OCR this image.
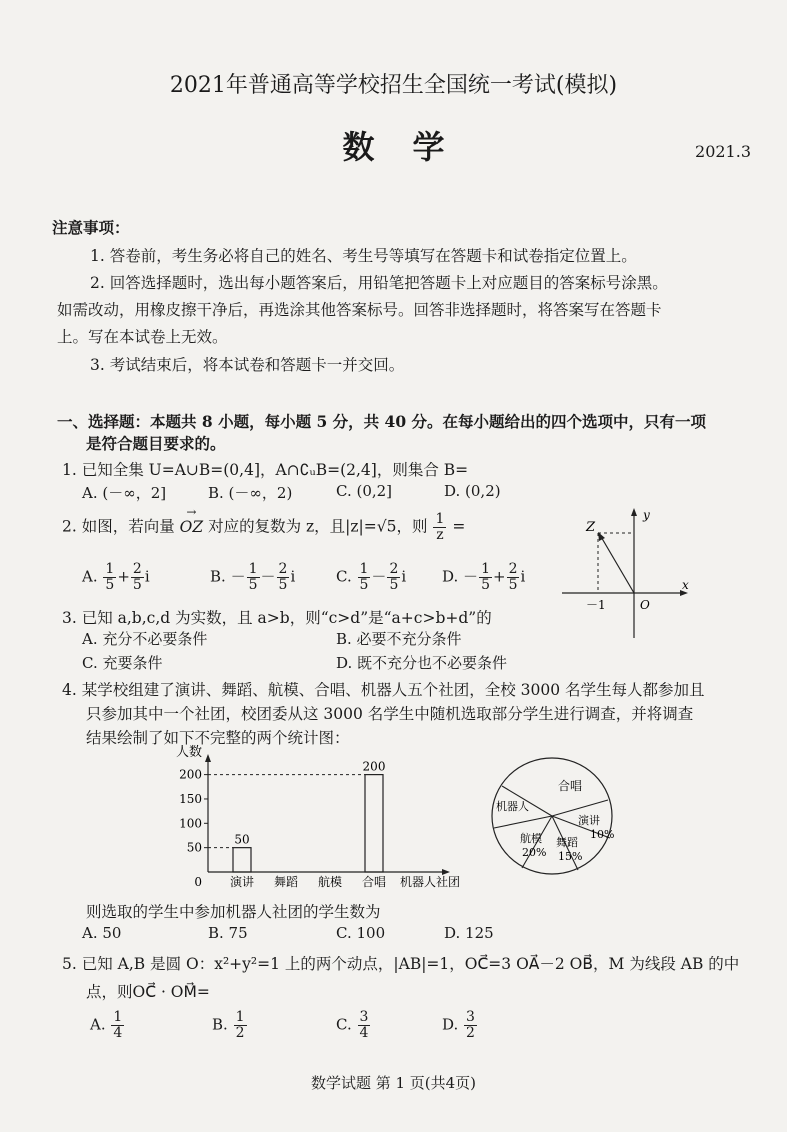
2021年普通高等学校招生全国统一考试(模拟)
数学	2021.3
注意事项：
1. 答卷前，考生务必将自己的姓名、考生号等填写在答题卡和试卷指定位置上。
2. 回答选择题时，选出每小题答案后，用铅笔把答题卡上对应题目的答案标号涂黑。
如需改动，用橡皮擦干净后，再选涂其他答案标号。回答非选择题时，将答案写在答题卡
上。写在本试卷上无效。
3. 考试结束后，将本试卷和答题卡一并交回。
一、选择题：本题共 8 小题，每小题 5 分，共 40 分。在每小题给出的四个选项中，只有一项
是符合题目要求的。
1. 已知全集 U=A∪B=(0,4]，A∩∁ᵤB=(2,4]，则集合 B=
A. (－∞，2]	B. (－∞，2)	C. (0,2]	D. (0,2)
2. 如图，若向量 → OZ 对应的复数为 z，且|z|=√5，则 $\frac{1}{z}$ =
A. $\frac{1}{5} + \frac{2}{5}$ i	B. － $\frac{1}{5} - \frac{2}{5}$ i	C. $\frac{1}{5} - \frac{2}{5}$ i D. － $\frac{1}{5} + \frac{2}{5}$ i
Z
y
x
O
－1
3. 已知 a,b,c,d 为实数，且 a>b，则“c>d”是“a+c>b+d”的
A. 充分不必要条件	B. 必要不充分条件
C. 充要条件	D. 既不充分也不必要条件
4. 某学校组建了演讲、舞蹈、航模、合唱、机器人五个社团，全校 3000 名学生每人都参加且
只参加其中一个社团，校团委从这 3000 名学生中随机选取部分学生进行调查，并将调查
结果绘制了如下不完整的两个统计图：
人数
0	社团
50
100
150
200
50
200
演讲 舞蹈 航模 合唱 机器人
合唱
演讲
10%
舞蹈
15%
航模
20%
机器人
则选取的学生中参加机器人社团的学生数为
A. 50	B. 75	C. 100	D. 125
5. 已知 A,B 是圆 O：x²+y²=1 上的两个动点，|AB|=1，OC⃗=3 OA⃗－2 OB⃗，M 为线段 AB 的中
点，则OC⃗ · OM⃗=
A. $\frac{1}{4}$	B. $\frac{1}{2}$	C. $\frac{3}{4}$	D. $\frac{3}{2}$
数学试题 第 1 页(共4页)
